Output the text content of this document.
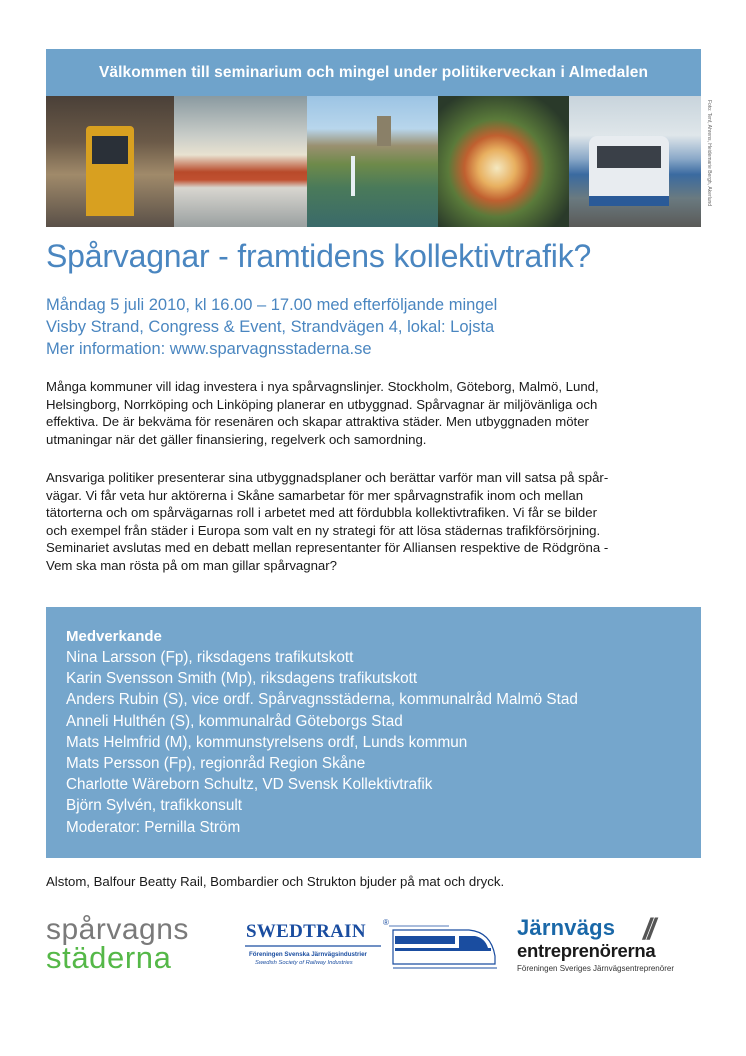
Välkommen till seminarium och mingel under politikerveckan i Almedalen
Foto: Tenf, Ahrens, Heidemarie Bergh, Åkerlund
Spårvagnar - framtidens kollektivtrafik?
Måndag 5 juli 2010, kl 16.00 – 17.00 med efterföljande mingel
Visby Strand, Congress & Event, Strandvägen 4, lokal: Lojsta
Mer information: www.sparvagnsstaderna.se
Många kommuner vill idag investera i nya spårvagnslinjer. Stockholm, Göteborg, Malmö, Lund,
Helsingborg, Norrköping och Linköping planerar en utbyggnad. Spårvagnar är miljövänliga och
effektiva. De är bekväma för resenären och skapar attraktiva städer. Men utbyggnaden möter
utmaningar när det gäller finansiering, regelverk och samordning.
Ansvariga politiker presenterar sina utbyggnadsplaner och berättar varför man vill satsa på spår-
vägar. Vi får veta hur aktörerna i Skåne samarbetar för mer spårvagnstrafik inom och mellan
tätorterna och om spårvägarnas roll i arbetet med att fördubbla kollektivtrafiken. Vi får se bilder
och exempel från städer i Europa som valt en ny strategi för att lösa städernas trafikförsörjning.
Seminariet avslutas med en debatt mellan representanter för Alliansen respektive de Rödgröna -
Vem ska man rösta på om man gillar spårvagnar?
Medverkande
Nina Larsson (Fp), riksdagens trafikutskott
Karin Svensson Smith (Mp), riksdagens trafikutskott
Anders Rubin (S), vice ordf. Spårvagnsstäderna, kommunalråd Malmö Stad
Anneli Hulthén (S), kommunalråd Göteborgs Stad
Mats Helmfrid (M), kommunstyrelsens ordf, Lunds kommun
Mats Persson (Fp), regionråd Region Skåne
Charlotte Wäreborn Schultz, VD Svensk Kollektivtrafik
Björn Sylvén, trafikkonsult
Moderator: Pernilla Ström
Alstom, Balfour Beatty Rail, Bombardier och Strukton bjuder på mat och dryck.
spårvagns
städerna
SWEDTRAIN ®
Föreningen Svenska Järnvägsindustrier
Swedish Society of Railway Industries
Järnvägs
entreprenörerna
Föreningen Sveriges Järnvägsentreprenörer
//
